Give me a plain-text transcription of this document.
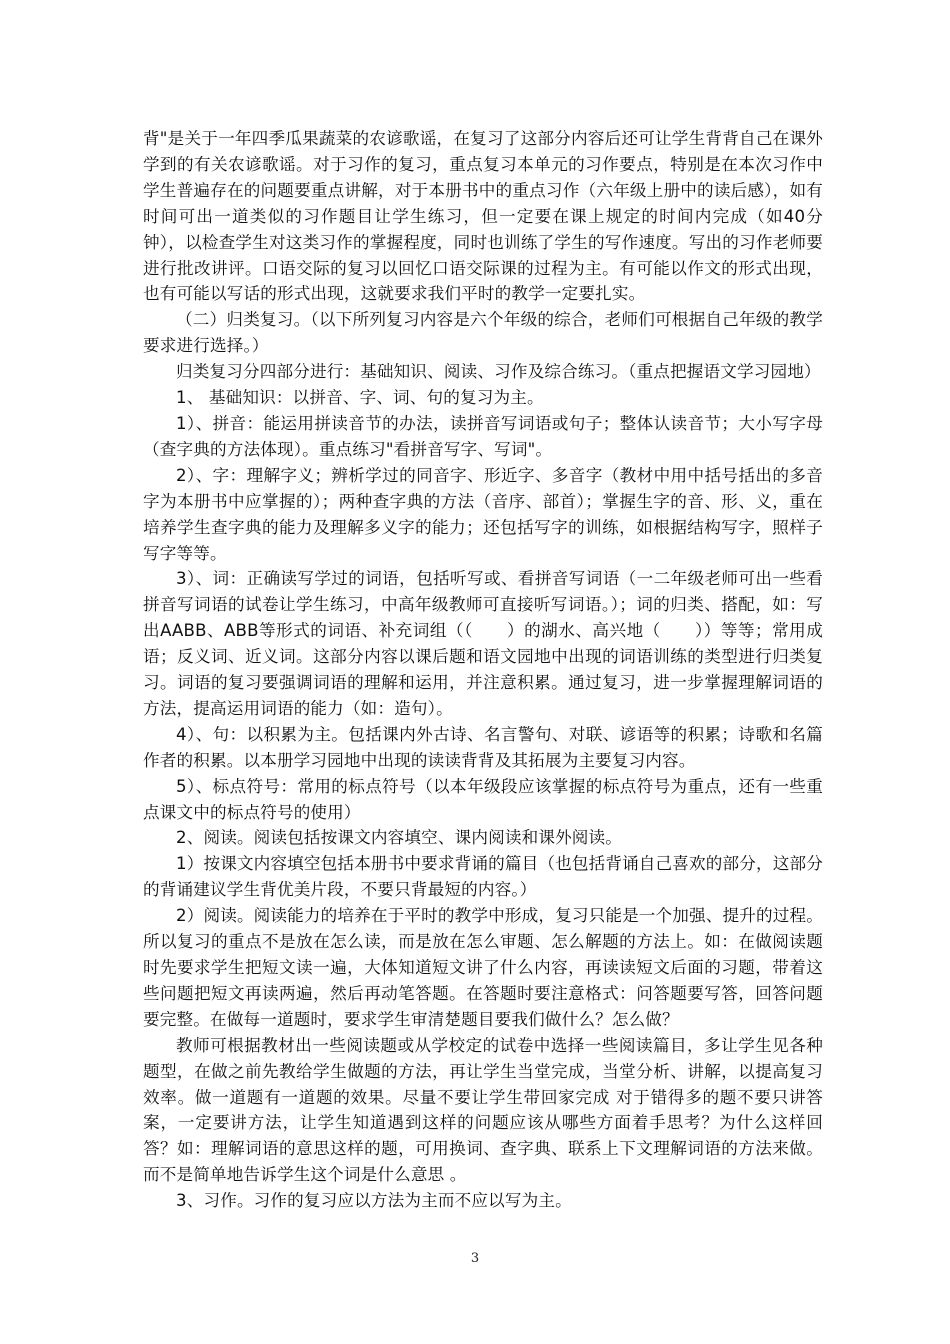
背"是关于一年四季瓜果蔬菜的农谚歌谣，在复习了这部分内容后还可让学生背背自己在课外学到的有关农谚歌谣。对于习作的复习，重点复习本单元的习作要点，特别是在本次习作中学生普遍存在的问题要重点讲解，对于本册书中的重点习作（六年级上册中的读后感），如有时间可出一道类似的习作题目让学生练习，但一定要在课上规定的时间内完成（如40分钟），以检查学生对这类习作的掌握程度，同时也训练了学生的写作速度。写出的习作老师要进行批改讲评。口语交际的复习以回忆口语交际课的过程为主。有可能以作文的形式出现，也有可能以写话的形式出现，这就要求我们平时的教学一定要扎实。

（二）归类复习。（以下所列复习内容是六个年级的综合，老师们可根据自己年级的教学要求进行选择。）

归类复习分四部分进行：基础知识、阅读、习作及综合练习。（重点把握语文学习园地）

1、 基础知识：以拼音、字、词、句的复习为主。

1）、拼音：能运用拼读音节的办法，读拼音写词语或句子；整体认读音节；大小写字母（查字典的方法体现）。重点练习"看拼音写字、写词"。

2）、字：理解字义；辨析学过的同音字、形近字、多音字（教材中用中括号括出的多音字为本册书中应掌握的）；两种查字典的方法（音序、部首）；掌握生字的音、形、义，重在培养学生查字典的能力及理解多义字的能力；还包括写字的训练，如根据结构写字，照样子写字等等。

3）、词：正确读写学过的词语，包括听写或、看拼音写词语（一二年级老师可出一些看拼音写词语的试卷让学生练习，中高年级教师可直接听写词语。）；词的归类、搭配，如：写出AABB、ABB等形式的词语、补充词组（（　　）的湖水、高兴地（　　））等等；常用成语；反义词、近义词。这部分内容以课后题和语文园地中出现的词语训练的类型进行归类复习。词语的复习要强调词语的理解和运用，并注意积累。通过复习，进一步掌握理解词语的方法，提高运用词语的能力（如：造句）。

4）、句：以积累为主。包括课内外古诗、名言警句、对联、谚语等的积累；诗歌和名篇作者的积累。以本册学习园地中出现的读读背背及其拓展为主要复习内容。

5）、标点符号：常用的标点符号（以本年级段应该掌握的标点符号为重点，还有一些重点课文中的标点符号的使用）

2、阅读。阅读包括按课文内容填空、课内阅读和课外阅读。

1）按课文内容填空包括本册书中要求背诵的篇目（也包括背诵自己喜欢的部分，这部分的背诵建议学生背优美片段，不要只背最短的内容。）

2）阅读。阅读能力的培养在于平时的教学中形成，复习只能是一个加强、提升的过程。所以复习的重点不是放在怎么读，而是放在怎么审题、怎么解题的方法上。如：在做阅读题时先要求学生把短文读一遍，大体知道短文讲了什么内容，再读读短文后面的习题，带着这些问题把短文再读两遍，然后再动笔答题。在答题时要注意格式：问答题要写答，回答问题要完整。在做每一道题时，要求学生审清楚题目要我们做什么？怎么做？

教师可根据教材出一些阅读题或从学校定的试卷中选择一些阅读篇目，多让学生见各种题型，在做之前先教给学生做题的方法，再让学生当堂完成，当堂分析、讲解，以提高复习效率。做一道题有一道题的效果。尽量不要让学生带回家完成 对于错得多的题不要只讲答案，一定要讲方法，让学生知道遇到这样的问题应该从哪些方面着手思考？为什么这样回答？如：理解词语的意思这样的题，可用换词、查字典、联系上下文理解词语的方法来做。而不是简单地告诉学生这个词是什么意思 。

3、习作。习作的复习应以方法为主而不应以写为主。

3
